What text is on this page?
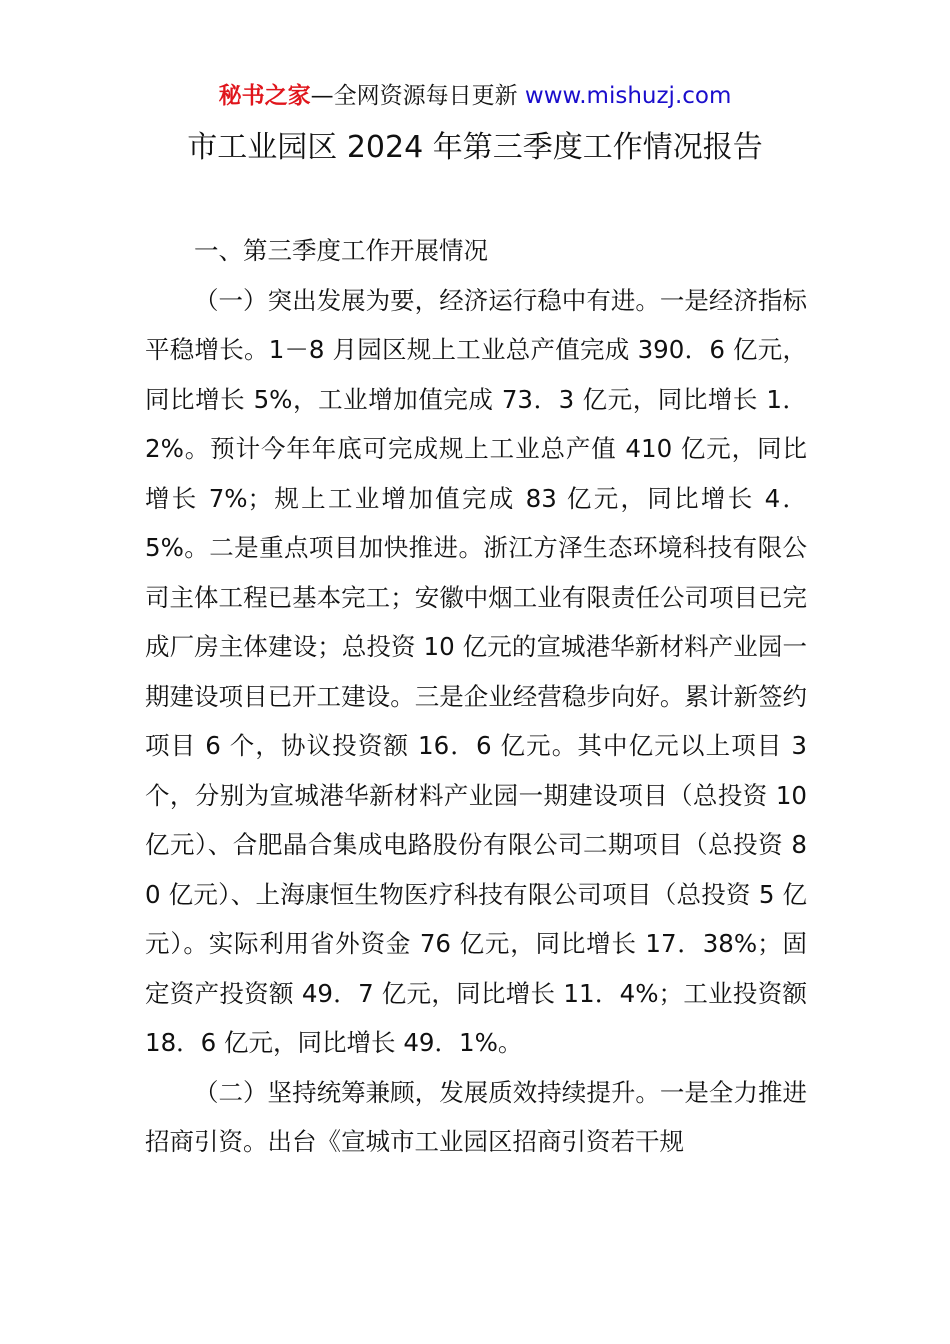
秘书之家—全网资源每日更新 www.mishuzj.com
市工业园区 2024 年第三季度工作情况报告

一、第三季度工作开展情况

（一）突出发展为要，经济运行稳中有进。一是经济指标平稳增长。1－8 月园区规上工业总产值完成 390．6 亿元，同比增长 5%，工业增加值完成 73．3 亿元，同比增长 1．2%。预计今年年底可完成规上工业总产值 410 亿元，同比增长 7%；规上工业增加值完成 83 亿元，同比增长 4．5%。二是重点项目加快推进。浙江方泽生态环境科技有限公司主体工程已基本完工；安徽中烟工业有限责任公司项目已完成厂房主体建设；总投资 10 亿元的宣城港华新材料产业园一期建设项目已开工建设。三是企业经营稳步向好。累计新签约项目 6 个，协议投资额 16．6 亿元。其中亿元以上项目 3 个，分别为宣城港华新材料产业园一期建设项目（总投资 10 亿元）、合肥晶合集成电路股份有限公司二期项目（总投资 80 亿元）、上海康恒生物医疗科技有限公司项目（总投资 5 亿元）。实际利用省外资金 76 亿元，同比增长 17．38%；固定资产投资额 49．7 亿元，同比增长 11．4%；工业投资额 18．6 亿元，同比增长 49．1%。

（二）坚持统筹兼顾，发展质效持续提升。一是全力推进招商引资。出台《宣城市工业园区招商引资若干规
